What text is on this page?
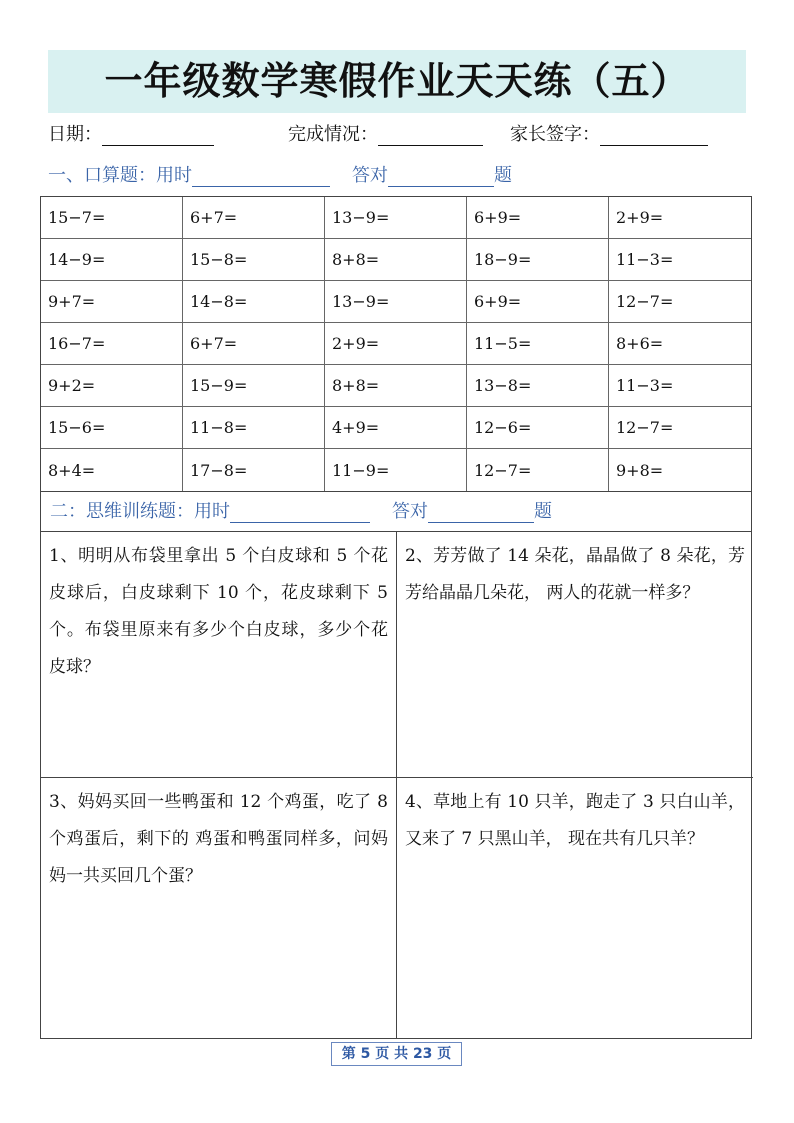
一年级数学寒假作业天天练（五）
日期：	完成情况：	家长签字：
一、口算题：用时	答对	题
15−7=	6+7=	13−9=	6+9=	2+9=
14−9=	15−8=	8+8=	18−9=	11−3=
9+7=	14−8=	13−9=	6+9=	12−7=
16−7=	6+7=	2+9=	11−5=	8+6=
9+2=	15−9=	8+8=	13−8=	11−3=
15−6=	11−8=	4+9=	12−6=	12−7=
8+4=	17−8=	11−9=	12−7=	9+8=
二：思维训练题：用时	答对	题
1、明明从布袋里拿出 5 个白皮球和 5 个花皮球后，白皮球剩下 10 个，花皮球剩下 5 个。布袋里原来有多少个白皮球，多少个花 皮球？
2、芳芳做了 14 朵花，晶晶做了 8 朵花，芳芳给晶晶几朵花， 两人的花就一样多？
3、妈妈买回一些鸭蛋和 12 个鸡蛋，吃了 8 个鸡蛋后，剩下的 鸡蛋和鸭蛋同样多，问妈妈一共买回几个蛋？
4、草地上有 10 只羊，跑走了 3 只白山羊，又来了 7 只黑山羊， 现在共有几只羊？
第 5 页 共 23 页
